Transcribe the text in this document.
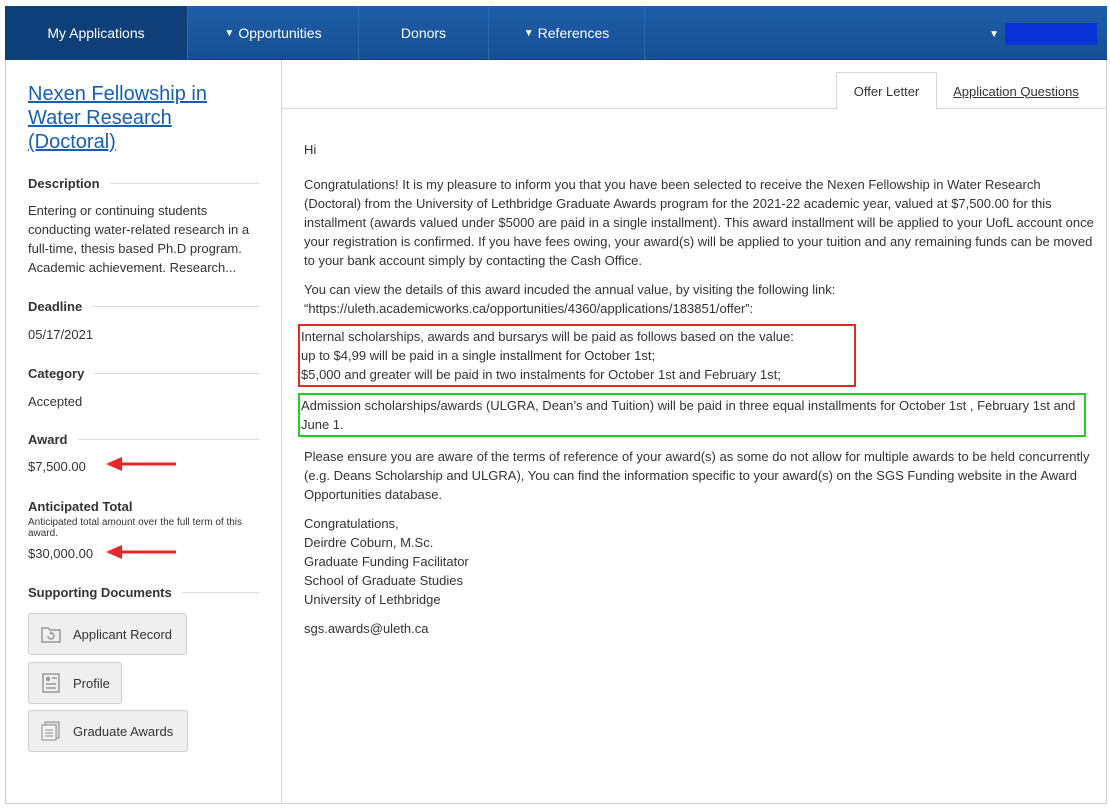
My Applications	▼ Opportunities	Donors	▼ References	▼
Nexen Fellowship in Water Research (Doctoral)
Description
Entering or continuing students conducting water-related research in a full-time, thesis based Ph.D program. Academic achievement. Research...
Deadline
05/17/2021
Category
Accepted
Award
$7,500.00
Anticipated Total
Anticipated total amount over the full term of this award.
$30,000.00
Supporting Documents
Applicant Record
Profile
Graduate Awards
Offer Letter	Application Questions

Hi

Congratulations! It is my pleasure to inform you that you have been selected to receive the Nexen Fellowship in Water Research (Doctoral) from the University of Lethbridge Graduate Awards program for the 2021-22 academic year, valued at $7,500.00 for this installment (awards valued under $5000 are paid in a single installment). This award installment will be applied to your UofL account once your registration is confirmed. If you have fees owing, your award(s) will be applied to your tuition and any remaining funds can be moved to your bank account simply by contacting the Cash Office.

You can view the details of this award incuded the annual value, by visiting the following link: “https://uleth.academicworks.ca/opportunities/4360/applications/183851/offer”:

Internal scholarships, awards and bursarys will be paid as follows based on the value:

up to $4,99 will be paid in a single installment for October 1st;

$5,000 and greater will be paid in two instalments for October 1st and February 1st;

Admission scholarships/awards (ULGRA, Dean’s and Tuition) will be paid in three equal installments for October 1st , February 1st and June 1.

Please ensure you are aware of the terms of reference of your award(s) as some do not allow for multiple awards to be held concurrently (e.g. Deans Scholarship and ULGRA), You can find the information specific to your award(s) on the SGS Funding website in the Award Opportunities database.

Congratulations,

Deirdre Coburn, M.Sc.

Graduate Funding Facilitator

School of Graduate Studies

University of Lethbridge

sgs.awards@uleth.ca
